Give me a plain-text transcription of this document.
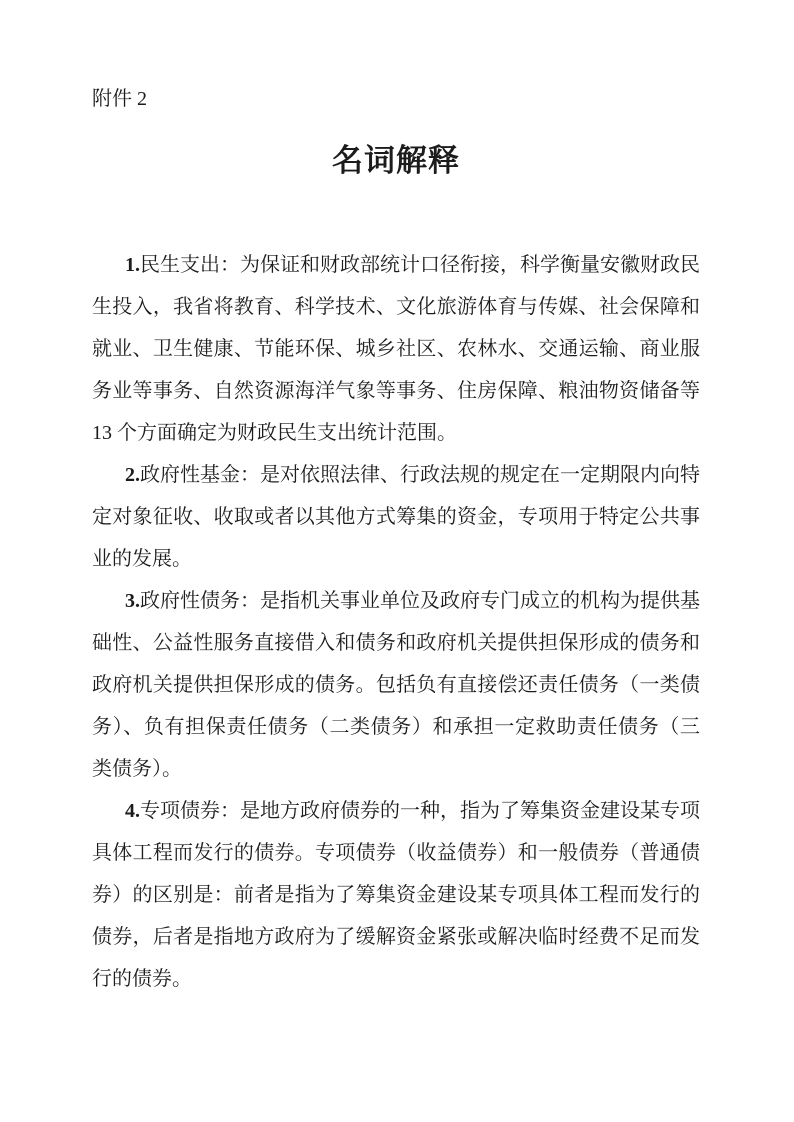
附件 2
名词解释

1.民生支出：为保证和财政部统计口径衔接，科学衡量安徽财政民生投入，我省将教育、科学技术、文化旅游体育与传媒、社会保障和就业、卫生健康、节能环保、城乡社区、农林水、交通运输、商业服务业等事务、自然资源海洋气象等事务、住房保障、粮油物资储备等 13 个方面确定为财政民生支出统计范围。

2.政府性基金：是对依照法律、行政法规的规定在一定期限内向特定对象征收、收取或者以其他方式筹集的资金，专项用于特定公共事业的发展。

3.政府性债务：是指机关事业单位及政府专门成立的机构为提供基础性、公益性服务直接借入和债务和政府机关提供担保形成的债务和政府机关提供担保形成的债务。包括负有直接偿还责任债务（一类债务）、负有担保责任债务（二类债务）和承担一定救助责任债务（三类债务）。

4.专项债券：是地方政府债券的一种，指为了筹集资金建设某专项具体工程而发行的债券。专项债券（收益债券）和一般债券（普通债券）的区别是：前者是指为了筹集资金建设某专项具体工程而发行的债券，后者是指地方政府为了缓解资金紧张或解决临时经费不足而发行的债券。
